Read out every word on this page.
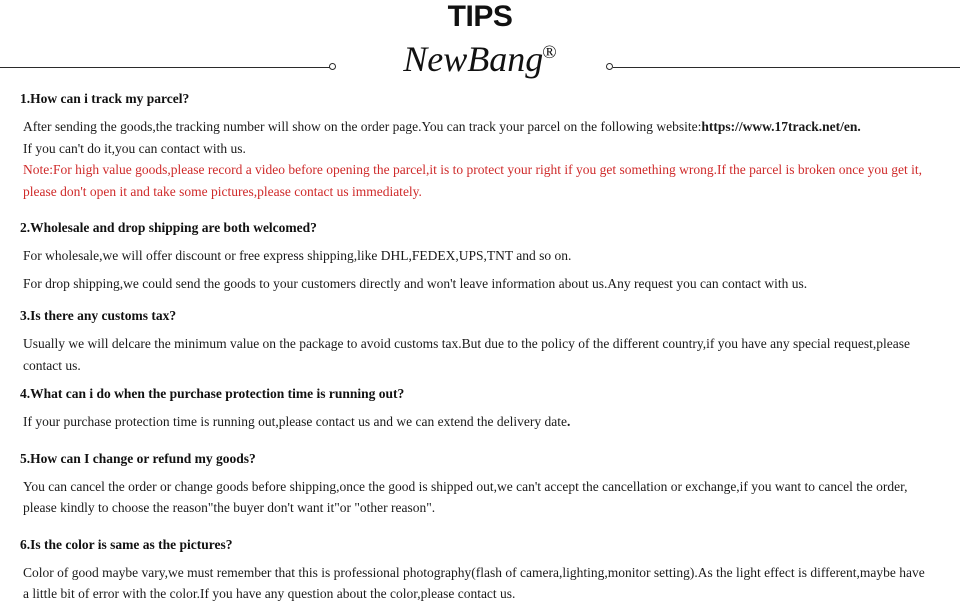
TIPS
NewBang®

1.How can i track my parcel?

After sending the goods,the tracking number will show on the order page.You can track your parcel on the following website:https://www.17track.net/en.

If you can't do it,you can contact with us.

Note:For high value goods,please record a video before opening the parcel,it is to protect your right if you get something wrong.If the parcel is broken once you get it,

please don't open it and take some pictures,please contact us immediately.

2.Wholesale and drop shipping are both welcomed?

For wholesale,we will offer discount or free express shipping,like DHL,FEDEX,UPS,TNT and so on.

For drop shipping,we could send the goods to your customers directly and won't leave information about us.Any request you can contact with us.

3.Is there any customs tax?

Usually we will delcare the minimum value on the package to avoid customs tax.But due to the policy of the different country,if you have any special request,please

contact us.

4.What can i do when the purchase protection time is running out?

If your purchase protection time is running out,please contact us and we can extend the delivery date.

5.How can I change or refund my goods?

You can cancel the order or change goods before shipping,once the good is shipped out,we can't accept the cancellation or exchange,if you want to cancel the order,

please kindly to choose the reason"the buyer don't want it"or "other reason".

6.Is the color is same as the pictures?

Color of good maybe vary,we must remember that this is professional photography(flash of camera,lighting,monitor setting).As the light effect is different,maybe have

a little bit of error with the color.If you have any question about the color,please contact us.
